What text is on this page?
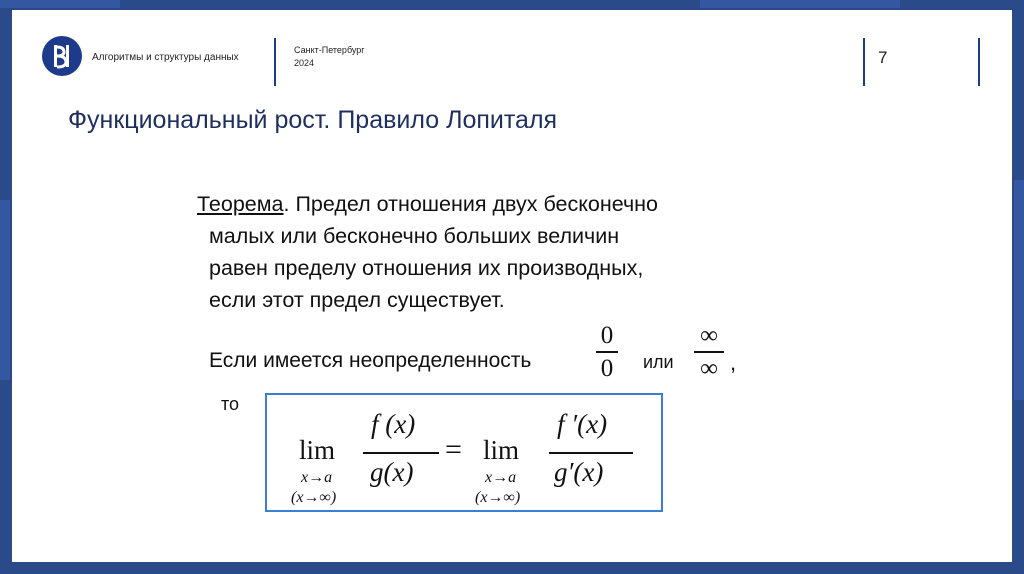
Алгоритмы и структуры данных
Санкт-Петербург
2024	7
Функциональный рост. Правило Лопиталя
Теорема. Предел отношения двух бесконечно
малых или бесконечно больших величин
равен пределу отношения их производных,
если этот предел существует.
Если имеется неопределенность
0
0 или
∞
∞ ,
то
lim
x→a
(x→∞)
f (x)
g(x)
= lim
x→a
(x→∞)
f ′(x)
g′(x)
